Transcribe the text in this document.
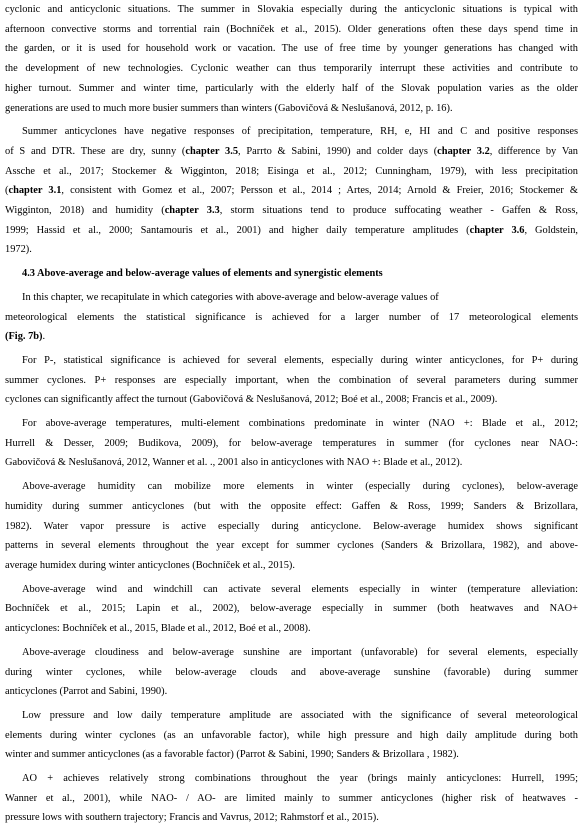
cyclonic and anticyclonic situations. The summer in Slovakia especially during the anticyclonic situations is typical with
afternoon convective storms and torrential rain (Bochníček et al., 2015). Older generations often these days spend time in
the garden, or it is used for household work or vacation. The use of free time by younger generations has changed with
the development of new technologies. Cyclonic weather can thus temporarily interrupt these activities and contribute to
higher turnout. Summer and winter time, particularly with the elderly half of the Slovak population varies as the older
generations are used to much more busier summers than winters (Gabovičová & Neslušanová, 2012, p. 16).
Summer anticyclones have negative responses of precipitation, temperature, RH, e, HI and C and positive responses
of S and DTR. These are dry, sunny (chapter 3.5, Parrto & Sabini, 1990) and colder days (chapter 3.2, difference by Van
Assche et al., 2017; Stockemer & Wigginton, 2018; Eisinga et al., 2012; Cunningham, 1979), with less precipitation
(chapter 3.1, consistent with Gomez et al., 2007; Persson et al., 2014 ; Artes, 2014; Arnold & Freier, 2016; Stockemer &
Wigginton, 2018) and humidity (chapter 3.3, storm situations tend to produce suffocating weather - Gaffen & Ross,
1999; Hassid et al., 2000; Santamouris et al., 2001) and higher daily temperature amplitudes (chapter 3.6, Goldstein,
1972).
4.3 Above-average and below-average values of elements and synergistic elements
In this chapter, we recapitulate in which categories with above-average and below-average values of
meteorological elements the statistical significance is achieved for a larger number of 17 meteorological elements
(Fig. 7b).
For P-, statistical significance is achieved for several elements, especially during winter anticyclones, for P+ during
summer cyclones. P+ responses are especially important, when the combination of several parameters during summer
cyclones can significantly affect the turnout (Gabovičová & Neslušanová, 2012; Boé et al., 2008; Francis et al., 2009).
For above-average temperatures, multi-element combinations predominate in winter (NAO +: Blade et al., 2012;
Hurrell & Desser, 2009; Budikova, 2009), for below-average temperatures in summer (for cyclones near NAO-:
Gabovičová & Neslušanová, 2012, Wanner et al. ., 2001 also in anticyclones with NAO +: Blade et al., 2012).
Above-average humidity can mobilize more elements in winter (especially during cyclones), below-average
humidity during summer anticyclones (but with the opposite effect: Gaffen & Ross, 1999; Sanders & Brizollara,
1982). Water vapor pressure is active especially during anticyclone. Below-average humidex shows significant
patterns in several elements throughout the year except for summer cyclones (Sanders & Brizollara, 1982), and above-
average humidex during winter anticyclones (Bochníček et al., 2015).
Above-average wind and windchill can activate several elements especially in winter (temperature alleviation:
Bochníček et al., 2015; Lapin et al., 2002), below-average especially in summer (both heatwaves and NAO+
anticyclones: Bochníček et al., 2015, Blade et al., 2012, Boé et al., 2008).
Above-average cloudiness and below-average sunshine are important (unfavorable) for several elements, especially
during winter cyclones, while below-average clouds and above-average sunshine (favorable) during summer
anticyclones (Parrot and Sabini, 1990).
Low pressure and low daily temperature amplitude are associated with the significance of several meteorological
elements during winter cyclones (as an unfavorable factor), while high pressure and high daily amplitude during both
winter and summer anticyclones (as a favorable factor) (Parrot & Sabini, 1990; Sanders & Brizollara , 1982).
AO + achieves relatively strong combinations throughout the year (brings mainly anticyclones: Hurrell, 1995;
Wanner et al., 2001), while NAO- / AO- are limited mainly to summer anticyclones (higher risk of heatwaves -
pressure lows with southern trajectory; Francis and Vavrus, 2012; Rahmstorf et al., 2015).
